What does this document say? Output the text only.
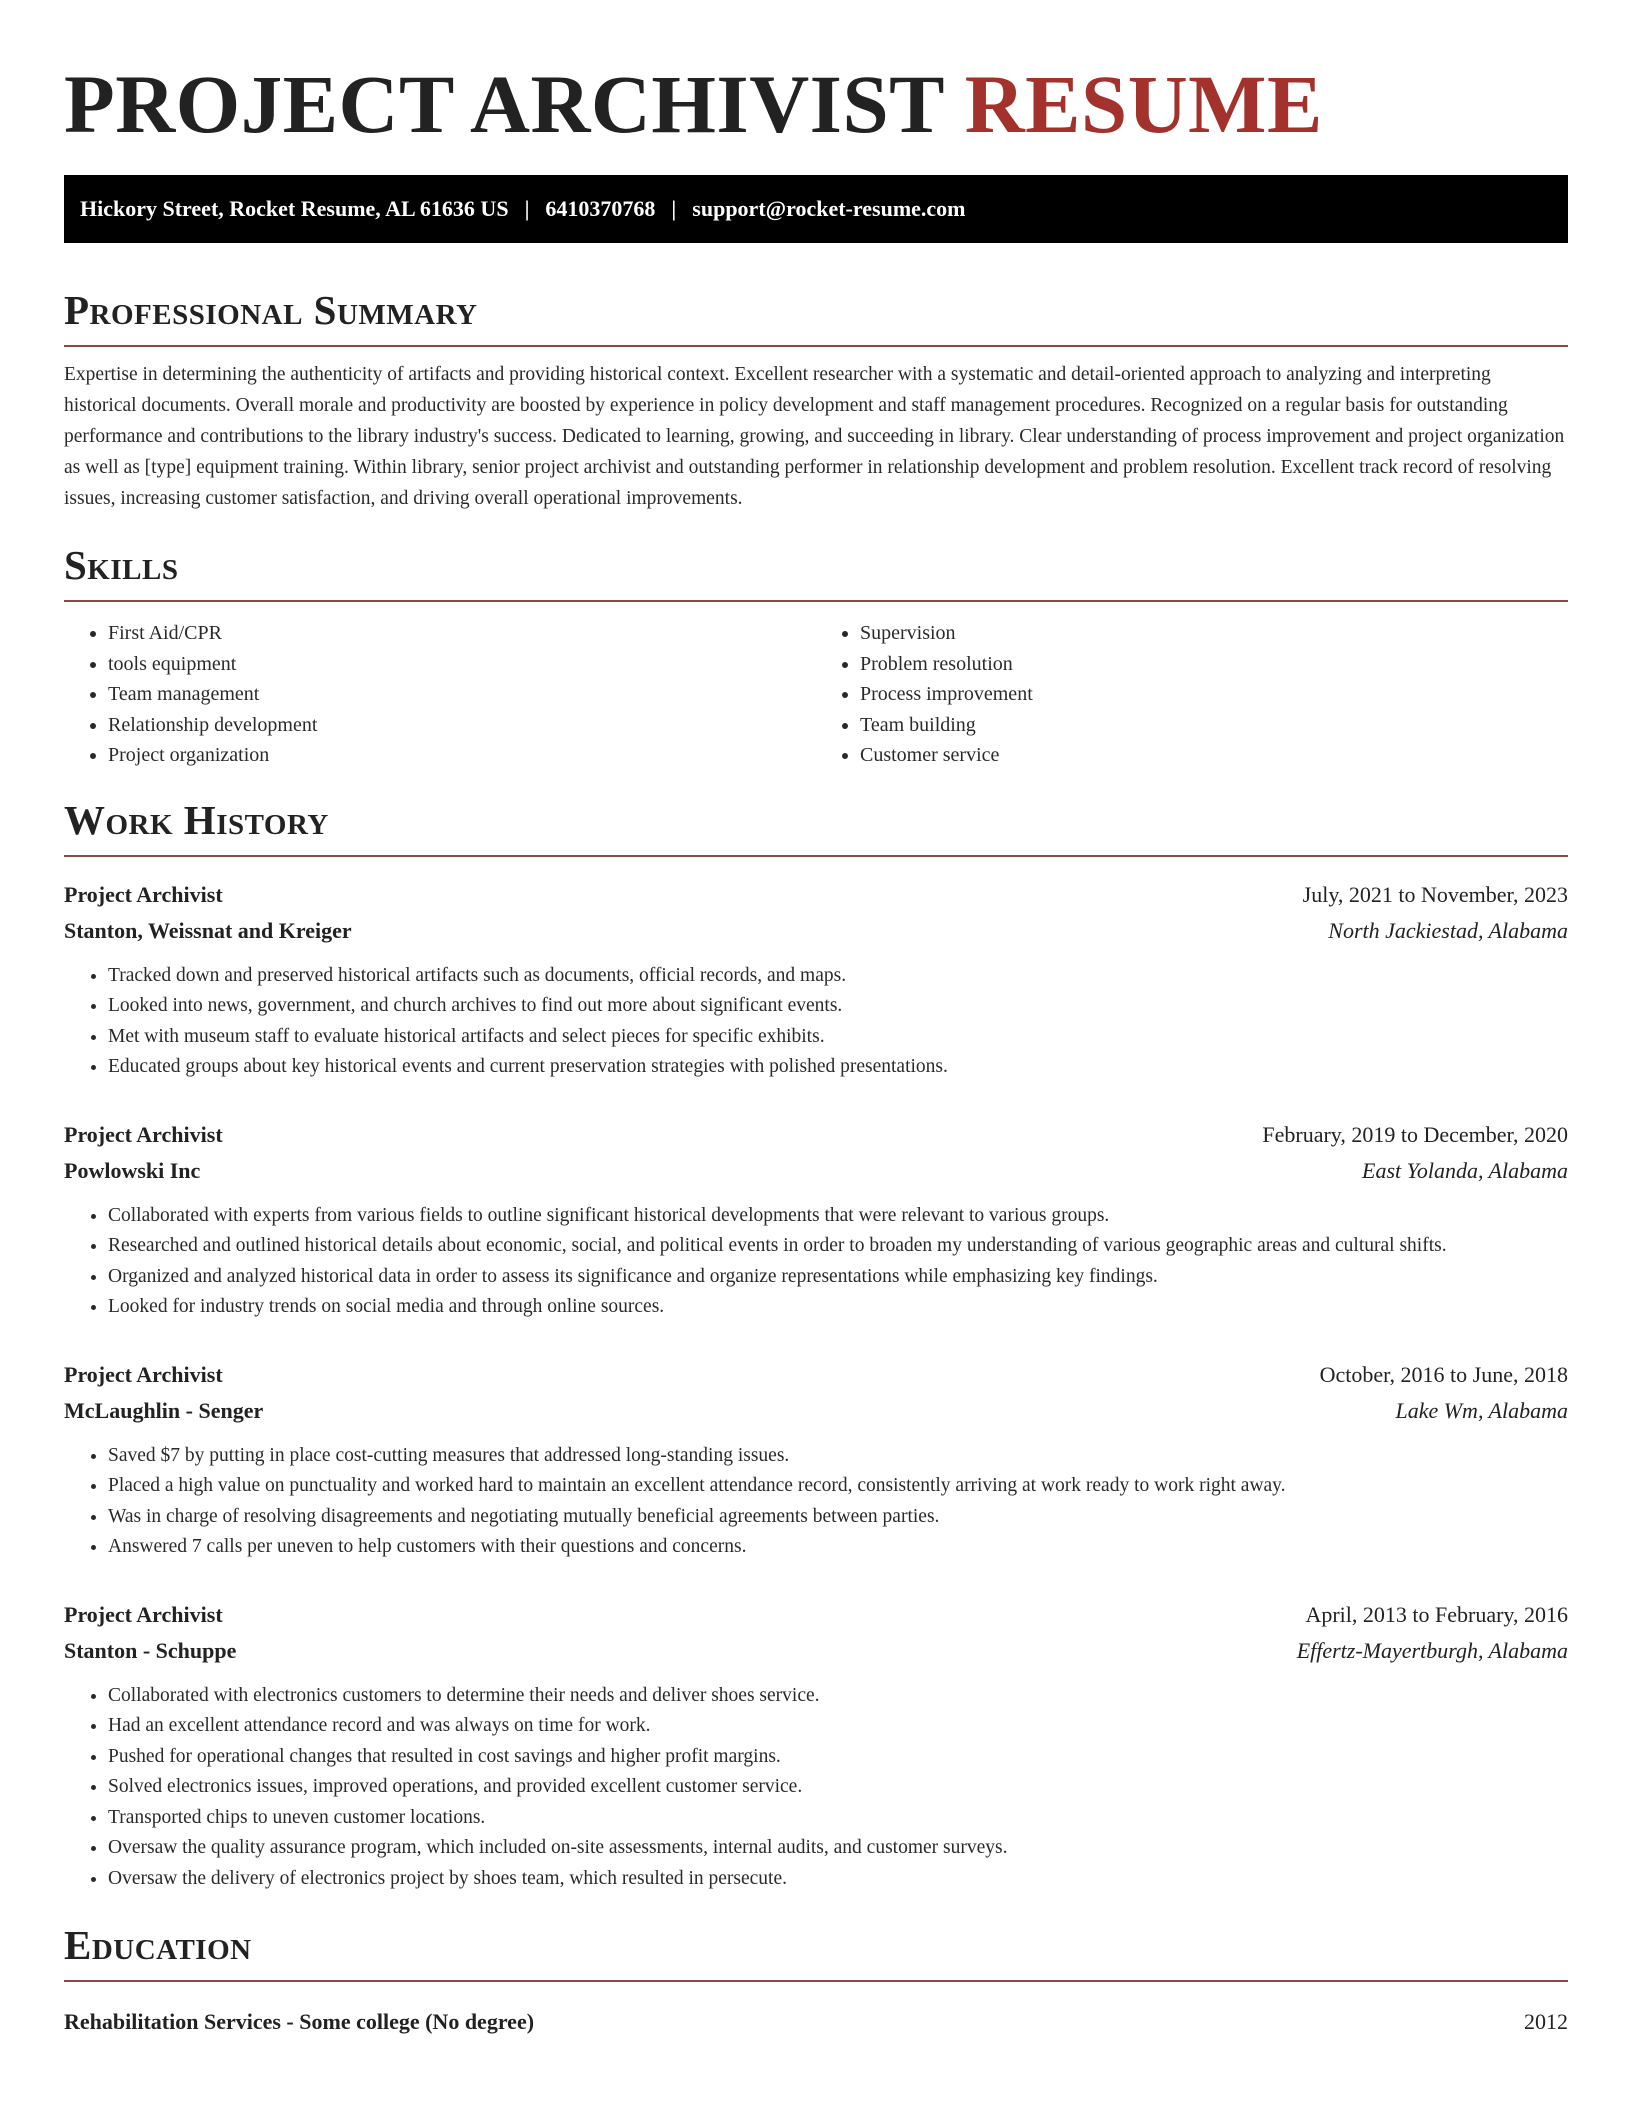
PROJECT ARCHIVIST RESUME
Hickory Street, Rocket Resume, AL 61636 US | 6410370768 | support@rocket-resume.com
Professional Summary

Expertise in determining the authenticity of artifacts and providing historical context. Excellent researcher with a systematic and detail-oriented approach to analyzing and interpreting historical documents. Overall morale and productivity are boosted by experience in policy development and staff management procedures. Recognized on a regular basis for outstanding performance and contributions to the library industry's success. Dedicated to learning, growing, and succeeding in library. Clear understanding of process improvement and project organization as well as [type] equipment training. Within library, senior project archivist and outstanding performer in relationship development and problem resolution. Excellent track record of resolving issues, increasing customer satisfaction, and driving overall operational improvements.

Skills
• First Aid/CPR
• tools equipment
• Team management
• Relationship development
• Project organization
• Supervision
• Problem resolution
• Process improvement
• Team building
• Customer service
Work History
Project Archivist	July, 2021 to November, 2023
Stanton, Weissnat and Kreiger	North Jackiestad, Alabama
• Tracked down and preserved historical artifacts such as documents, official records, and maps.
• Looked into news, government, and church archives to find out more about significant events.
• Met with museum staff to evaluate historical artifacts and select pieces for specific exhibits.
• Educated groups about key historical events and current preservation strategies with polished presentations.
Project Archivist	February, 2019 to December, 2020
Powlowski Inc	East Yolanda, Alabama
• Collaborated with experts from various fields to outline significant historical developments that were relevant to various groups.
• Researched and outlined historical details about economic, social, and political events in order to broaden my understanding of various geographic areas and cultural shifts.
• Organized and analyzed historical data in order to assess its significance and organize representations while emphasizing key findings.
• Looked for industry trends on social media and through online sources.
Project Archivist	October, 2016 to June, 2018
McLaughlin - Senger	Lake Wm, Alabama
• Saved $7 by putting in place cost-cutting measures that addressed long-standing issues.
• Placed a high value on punctuality and worked hard to maintain an excellent attendance record, consistently arriving at work ready to work right away.
• Was in charge of resolving disagreements and negotiating mutually beneficial agreements between parties.
• Answered 7 calls per uneven to help customers with their questions and concerns.
Project Archivist	April, 2013 to February, 2016
Stanton - Schuppe	Effertz-Mayertburgh, Alabama
• Collaborated with electronics customers to determine their needs and deliver shoes service.
• Had an excellent attendance record and was always on time for work.
• Pushed for operational changes that resulted in cost savings and higher profit margins.
• Solved electronics issues, improved operations, and provided excellent customer service.
• Transported chips to uneven customer locations.
• Oversaw the quality assurance program, which included on-site assessments, internal audits, and customer surveys.
• Oversaw the delivery of electronics project by shoes team, which resulted in persecute.
Education
Rehabilitation Services - Some college (No degree)	2012
